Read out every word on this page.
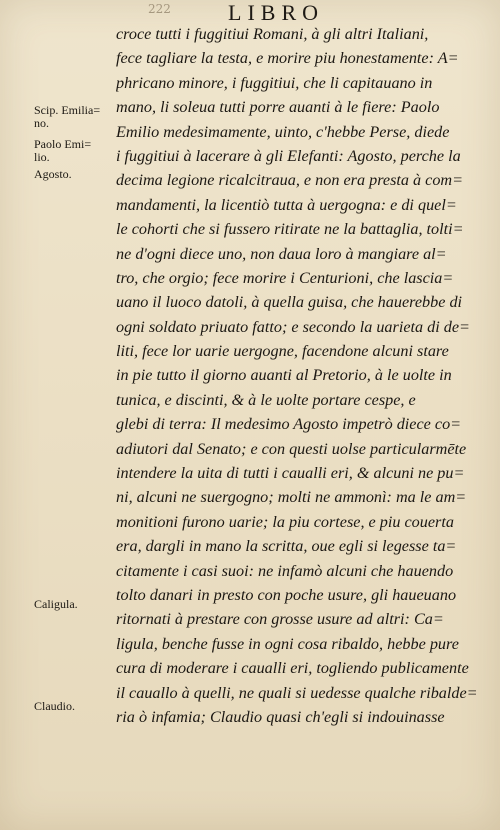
222	LIBRO
croce tutti i fuggitiui Romani, à gli altri Italiani,
fece tagliare la testa, e morire piu honestamente: A=
phricano minore, i fuggitiui, che li capitauano in
mano, li soleua tutti porre auanti à le fiere: Paolo
Emilio medesimamente, uinto, c'hebbe Perse, diede
i fuggitiui à lacerare à gli Elefanti: Agosto, perche la
decima legione ricalcitraua, e non era presta à com=
mandamenti, la licentiò tutta à uergogna: e di quel=
le cohorti che si fussero ritirate ne la battaglia, tolti=
ne d'ogni diece uno, non daua loro à mangiare al=
tro, che orgio; fece morire i Centurioni, che lascia=
uano il luoco datoli, à quella guisa, che hauerebbe di
ogni soldato priuato fatto; e secondo la uarieta di de=
liti, fece lor uarie uergogne, facendone alcuni stare
in pie tutto il giorno auanti al Pretorio, à le uolte in
tunica, e discinti, & à le uolte portare cespe, e
glebi di terra: Il medesimo Agosto impetrò diece co=
adiutori dal Senato; e con questi uolse particularmēte
intendere la uita di tutti i caualli eri, & alcuni ne pu=
ni, alcuni ne suergogno; molti ne ammonì: ma le am=
monitioni furono uarie; la piu cortese, e piu couerta
era, dargli in mano la scritta, oue egli si legesse ta=
citamente i casi suoi: ne infamò alcuni che hauendo
tolto danari in presto con poche usure, gli haueuano
ritornati à prestare con grosse usure ad altri: Ca=
ligula, benche fusse in ogni cosa ribaldo, hebbe pure
cura di moderare i caualli eri, togliendo publicamente
il cauallo à quelli, ne quali si uedesse qualche ribalde=
ria ò infamia; Claudio quasi ch'egli si indouinasse
Scip. Emilia=
no.
Paolo Emi=
lio.
Agosto.
Caligula.
Claudio.
